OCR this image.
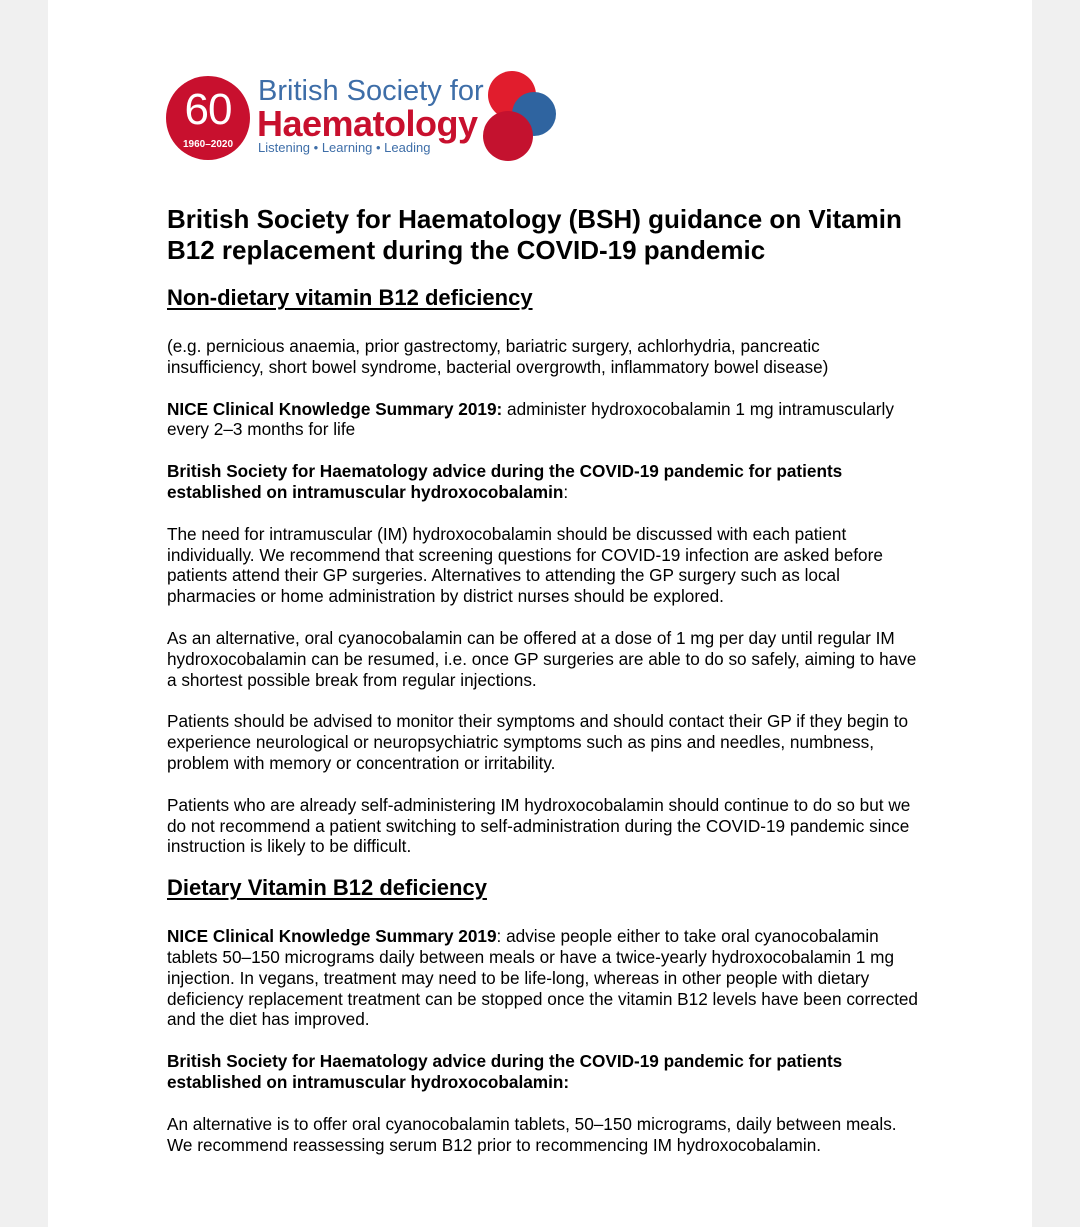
60
1960–2020
British Society for
Haematology
Listening • Learning • Leading
British Society for Haematology (BSH) guidance on Vitamin B12 replacement during the COVID-19 pandemic
Non-dietary vitamin B12 deficiency

(e.g. pernicious anaemia, prior gastrectomy, bariatric surgery, achlorhydria, pancreatic insufficiency, short bowel syndrome, bacterial overgrowth, inflammatory bowel disease)

NICE Clinical Knowledge Summary 2019: administer hydroxocobalamin 1 mg intramuscularly every 2–3 months for life

British Society for Haematology advice during the COVID-19 pandemic for patients established on intramuscular hydroxocobalamin:

The need for intramuscular (IM) hydroxocobalamin should be discussed with each patient individually. We recommend that screening questions for COVID-19 infection are asked before patients attend their GP surgeries. Alternatives to attending the GP surgery such as local pharmacies or home administration by district nurses should be explored.

As an alternative, oral cyanocobalamin can be offered at a dose of 1 mg per day until regular IM hydroxocobalamin can be resumed, i.e. once GP surgeries are able to do so safely, aiming to have a shortest possible break from regular injections.

Patients should be advised to monitor their symptoms and should contact their GP if they begin to experience neurological or neuropsychiatric symptoms such as pins and needles, numbness, problem with memory or concentration or irritability.

Patients who are already self-administering IM hydroxocobalamin should continue to do so but we do not recommend a patient switching to self-administration during the COVID-19 pandemic since instruction is likely to be difficult.

Dietary Vitamin B12 deficiency

NICE Clinical Knowledge Summary 2019: advise people either to take oral cyanocobalamin tablets 50–150 micrograms daily between meals or have a twice-yearly hydroxocobalamin 1 mg injection. In vegans, treatment may need to be life-long, whereas in other people with dietary deficiency replacement treatment can be stopped once the vitamin B12 levels have been corrected and the diet has improved.

British Society for Haematology advice during the COVID-19 pandemic for patients established on intramuscular hydroxocobalamin:

An alternative is to offer oral cyanocobalamin tablets, 50–150 micrograms, daily between meals. We recommend reassessing serum B12 prior to recommencing IM hydroxocobalamin.
